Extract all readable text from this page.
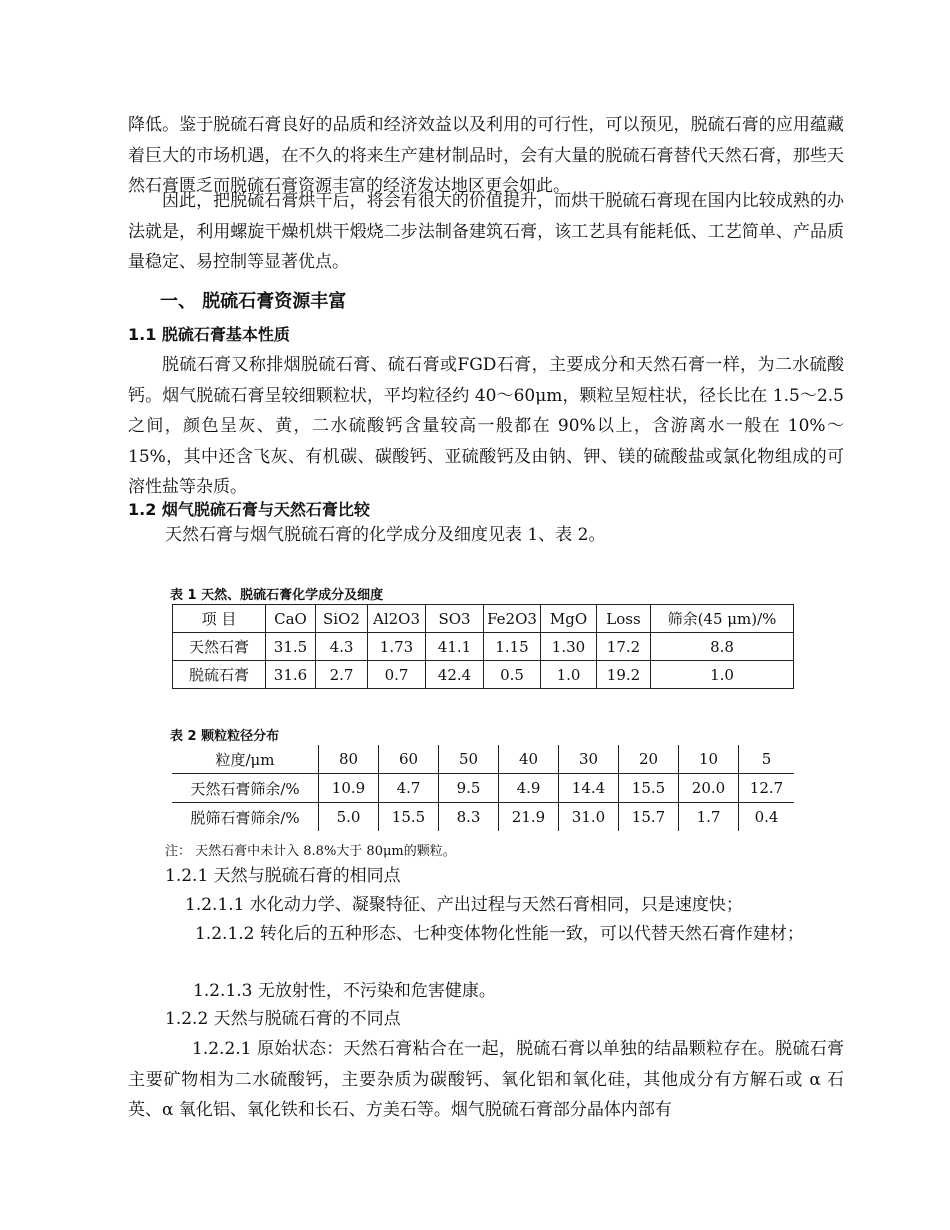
降低。鉴于脱硫石膏良好的品质和经济效益以及利用的可行性，可以预见，脱硫石膏的应用蕴藏着巨大的市场机遇，在不久的将来生产建材制品时，会有大量的脱硫石膏替代天然石膏，那些天然石膏匮乏而脱硫石膏资源丰富的经济发达地区更会如此。

因此，把脱硫石膏烘干后，将会有很大的价值提升，而烘干脱硫石膏现在国内比较成熟的办法就是，利用螺旋干燥机烘干煅烧二步法制备建筑石膏，该工艺具有能耗低、工艺简单、产品质量稳定、易控制等显著优点。

一、 脱硫石膏资源丰富
1.1 脱硫石膏基本性质

脱硫石膏又称排烟脱硫石膏、硫石膏或FGD石膏，主要成分和天然石膏一样，为二水硫酸钙。烟气脱硫石膏呈较细颗粒状，平均粒径约 40～60μm，颗粒呈短柱状，径长比在 1.5～2.5之间，颜色呈灰、黄，二水硫酸钙含量较高一般都在 90%以上，含游离水一般在 10%～15%，其中还含飞灰、有机碳、碳酸钙、亚硫酸钙及由钠、钾、镁的硫酸盐或氯化物组成的可溶性盐等杂质。

1.2 烟气脱硫石膏与天然石膏比较

天然石膏与烟气脱硫石膏的化学成分及细度见表 1、表 2。

表 1 天然、脱硫石膏化学成分及细度
项 目	CaO	SiO2	Al2O3	SO3	Fe2O3	MgO	Loss	筛余(45 μm)/%
天然石膏	31.5	4.3	1.73	41.1	1.15	1.30	17.2	8.8
脱硫石膏	31.6	2.7	0.7	42.4	0.5	1.0	19.2	1.0
表 2 颗粒粒径分布
粒度/μm	80	60	50	40	30	20	10	5
天然石膏筛余/%	10.9	4.7	9.5	4.9	14.4	15.5	20.0	12.7
脱筛石膏筛余/%	5.0	15.5	8.3	21.9	31.0	15.7	1.7	0.4
注： 天然石膏中未计入 8.8%大于 80μm的颗粒。

1.2.1 天然与脱硫石膏的相同点

1.2.1.1 水化动力学、凝聚特征、产出过程与天然石膏相同，只是速度快；

1.2.1.2 转化后的五种形态、七种变体物化性能一致，可以代替天然石膏作建材；

1.2.1.3 无放射性，不污染和危害健康。

1.2.2 天然与脱硫石膏的不同点

1.2.2.1 原始状态：天然石膏粘合在一起，脱硫石膏以单独的结晶颗粒存在。脱硫石膏主要矿物相为二水硫酸钙，主要杂质为碳酸钙、氧化铝和氧化硅，其他成分有方解石或 α 石英、α 氧化铝、氧化铁和长石、方美石等。烟气脱硫石膏部分晶体内部有
